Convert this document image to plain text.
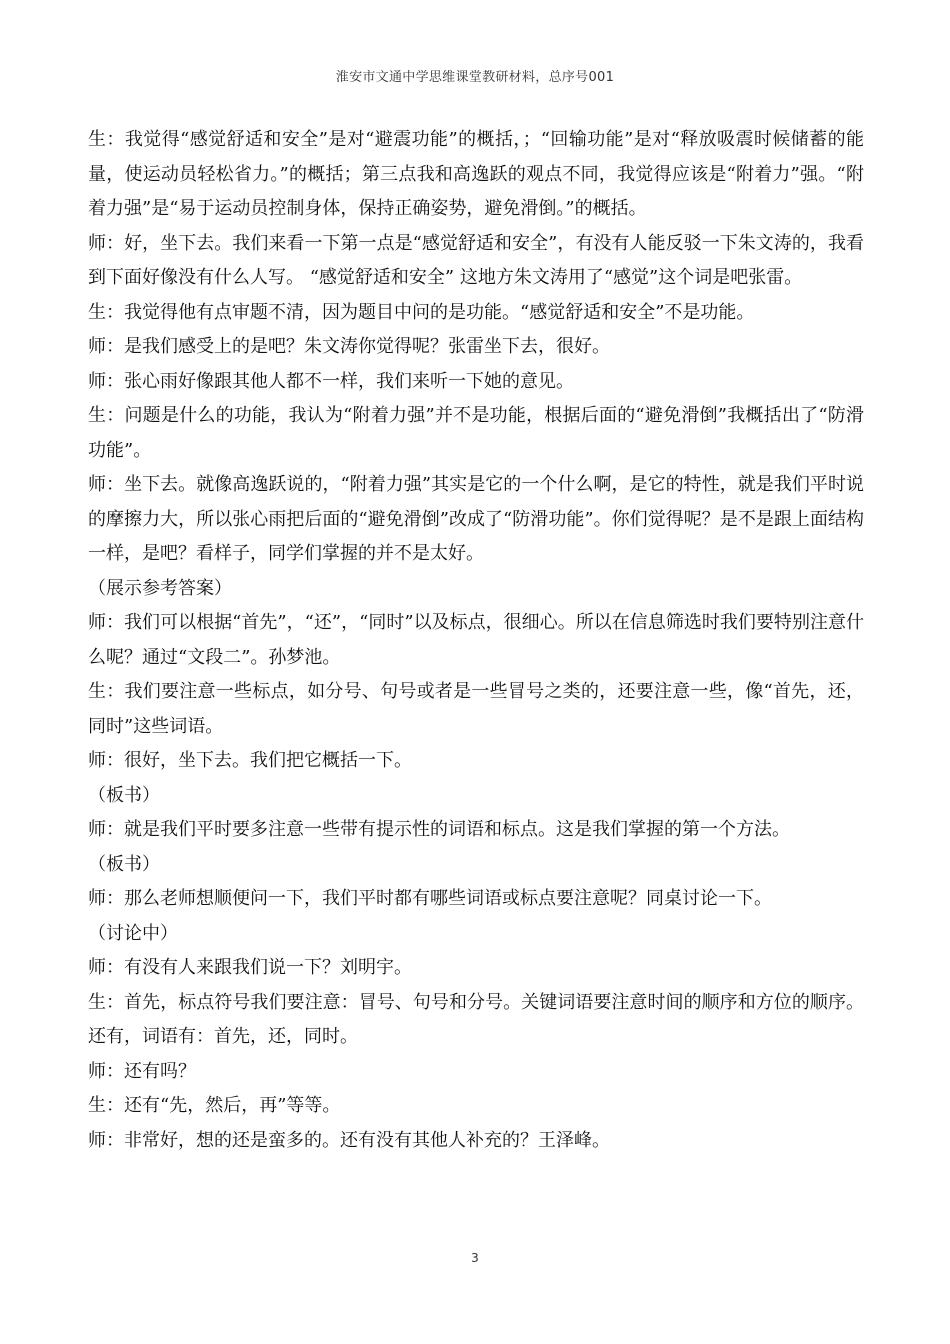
淮安市文通中学思维课堂教研材料，总序号001

生：我觉得“感觉舒适和安全”是对“避震功能”的概括，；“回输功能”是对“释放吸震时候储蓄的能量，使运动员轻松省力。”的概括；第三点我和高逸跃的观点不同，我觉得应该是“附着力”强。“附着力强”是“易于运动员控制身体，保持正确姿势，避免滑倒。”的概括。

师：好，坐下去。我们来看一下第一点是“感觉舒适和安全”，有没有人能反驳一下朱文涛的，我看到下面好像没有什么人写。 “感觉舒适和安全” 这地方朱文涛用了“感觉”这个词是吧张雷。

生：我觉得他有点审题不清，因为题目中问的是功能。“感觉舒适和安全”不是功能。

师：是我们感受上的是吧？朱文涛你觉得呢？张雷坐下去，很好。

师：张心雨好像跟其他人都不一样，我们来听一下她的意见。

生：问题是什么的功能，我认为“附着力强”并不是功能，根据后面的“避免滑倒”我概括出了“防滑功能”。

师：坐下去。就像高逸跃说的，“附着力强”其实是它的一个什么啊，是它的特性，就是我们平时说的摩擦力大，所以张心雨把后面的“避免滑倒”改成了“防滑功能”。你们觉得呢？是不是跟上面结构一样，是吧？看样子，同学们掌握的并不是太好。

（展示参考答案）

师：我们可以根据“首先”，“还”，“同时”以及标点，很细心。所以在信息筛选时我们要特别注意什么呢？通过“文段二”。孙梦池。

生：我们要注意一些标点，如分号、句号或者是一些冒号之类的，还要注意一些，像“首先，还，同时”这些词语。

师：很好，坐下去。我们把它概括一下。

（板书）

师：就是我们平时要多注意一些带有提示性的词语和标点。这是我们掌握的第一个方法。

（板书）

师：那么老师想顺便问一下，我们平时都有哪些词语或标点要注意呢？同桌讨论一下。

（讨论中）

师：有没有人来跟我们说一下？刘明宇。

生：首先，标点符号我们要注意：冒号、句号和分号。关键词语要注意时间的顺序和方位的顺序。还有，词语有：首先，还，同时。

师：还有吗？

生：还有“先，然后，再”等等。

师：非常好，想的还是蛮多的。还有没有其他人补充的？王泽峰。

3
